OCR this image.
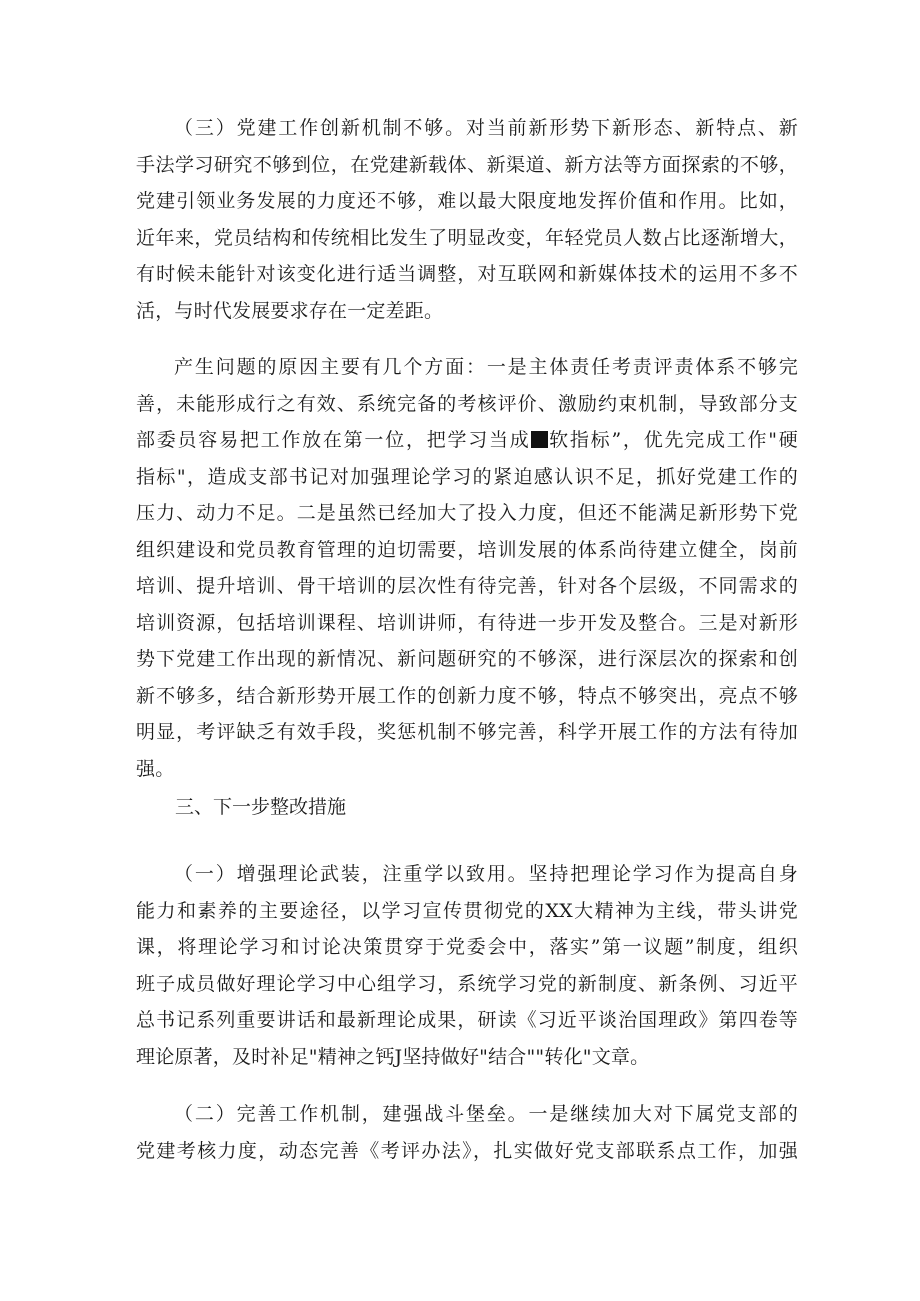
（三）党建工作创新机制不够。对当前新形势下新形态、新特点、新
手法学习研究不够到位，在党建新载体、新渠道、新方法等方面探索的不够，
党建引领业务发展的力度还不够，难以最大限度地发挥价值和作用。比如，
近年来，党员结构和传统相比发生了明显改变，年轻党员人数占比逐渐增大，
有时候未能针对该变化进行适当调整，对互联网和新媒体技术的运用不多不
活，与时代发展要求存在一定差距。
产生问题的原因主要有几个方面：一是主体责任考责评责体系不够完
善，未能形成行之有效、系统完备的考核评价、激励约束机制，导致部分支
部委员容易把工作放在第一位，把学习当成 软指标”，优先完成工作"硬
指标"，造成支部书记对加强理论学习的紧迫感认识不足，抓好党建工作的
压力、动力不足。二是虽然已经加大了投入力度，但还不能满足新形势下党
组织建设和党员教育管理的迫切需要，培训发展的体系尚待建立健全，岗前
培训、提升培训、骨干培训的层次性有待完善，针对各个层级，不同需求的
培训资源，包括培训课程、培训讲师，有待进一步开发及整合。三是对新形
势下党建工作出现的新情况、新问题研究的不够深，进行深层次的探索和创
新不够多，结合新形势开展工作的创新力度不够，特点不够突出，亮点不够
明显，考评缺乏有效手段，奖惩机制不够完善，科学开展工作的方法有待加
强。
三、下一步整改措施
（一）增强理论武装，注重学以致用。坚持把理论学习作为提高自身
能力和素养的主要途径，以学习宣传贯彻党的XX大精神为主线，带头讲党
课，将理论学习和讨论决策贯穿于党委会中，落实”第一议题”制度，组织
班子成员做好理论学习中心组学习，系统学习党的新制度、新条例、习近平
总书记系列重要讲话和最新理论成果，研读《习近平谈治国理政》第四卷等
理论原著，及时补足"精神之钙J坚持做好"结合""转化"文章。
（二）完善工作机制，建强战斗堡垒。一是继续加大对下属党支部的
党建考核力度，动态完善《考评办法》，扎实做好党支部联系点工作，加强
